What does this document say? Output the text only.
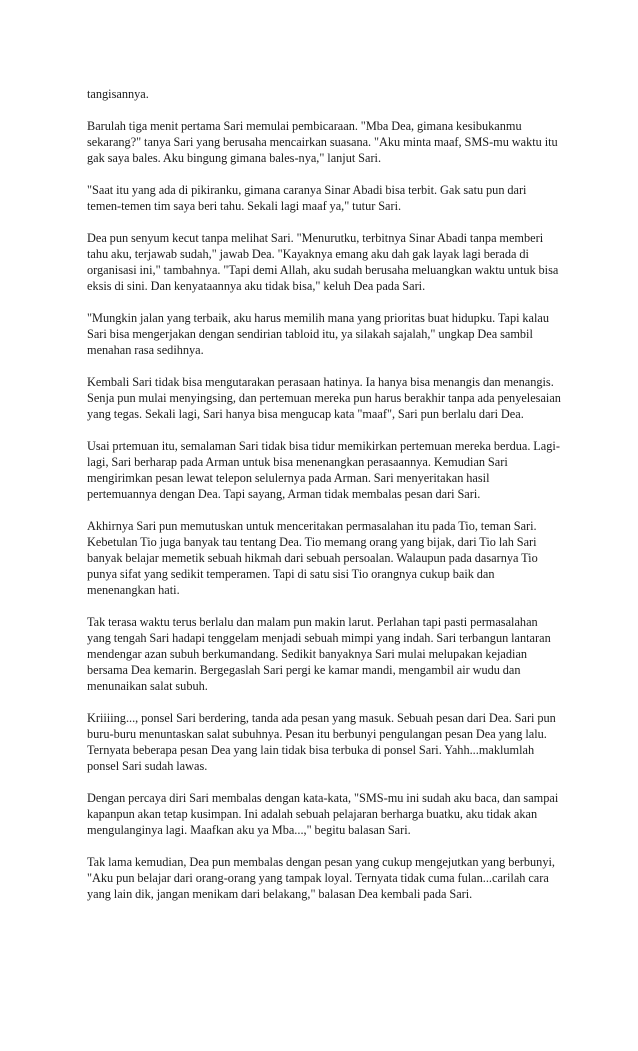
tangisannya.

Barulah tiga menit pertama Sari memulai pembicaraan. "Mba Dea, gimana kesibukanmu sekarang?" tanya Sari yang berusaha mencairkan suasana. "Aku minta maaf, SMS-mu waktu itu gak saya bales. Aku bingung gimana bales-nya," lanjut Sari.

"Saat itu yang ada di pikiranku, gimana caranya Sinar Abadi bisa terbit. Gak satu pun dari temen-temen tim saya beri tahu. Sekali lagi maaf ya," tutur Sari.

Dea pun senyum kecut tanpa melihat Sari. "Menurutku, terbitnya Sinar Abadi tanpa memberi tahu aku, terjawab sudah," jawab Dea. "Kayaknya emang aku dah gak layak lagi berada di organisasi ini," tambahnya. "Tapi demi Allah, aku sudah berusaha meluangkan waktu untuk bisa eksis di sini. Dan kenyataannya aku tidak bisa," keluh Dea pada Sari.

"Mungkin jalan yang terbaik, aku harus memilih mana yang prioritas buat hidupku. Tapi kalau Sari bisa mengerjakan dengan sendirian tabloid itu, ya silakah sajalah," ungkap Dea sambil menahan rasa sedihnya.

Kembali Sari tidak bisa mengutarakan perasaan hatinya. Ia hanya bisa menangis dan menangis. Senja pun mulai menyingsing, dan pertemuan mereka pun harus berakhir tanpa ada penyelesaian yang tegas. Sekali lagi, Sari hanya bisa mengucap kata "maaf", Sari pun berlalu dari Dea.

Usai prtemuan itu, semalaman Sari tidak bisa tidur memikirkan pertemuan mereka berdua. Lagi-lagi, Sari berharap pada Arman untuk bisa menenangkan perasaannya. Kemudian Sari mengirimkan pesan lewat telepon selulernya pada Arman. Sari menyeritakan hasil pertemuannya dengan Dea. Tapi sayang, Arman tidak membalas pesan dari Sari.

Akhirnya Sari pun memutuskan untuk menceritakan permasalahan itu pada Tio, teman Sari. Kebetulan Tio juga banyak tau tentang Dea. Tio memang orang yang bijak, dari Tio lah Sari banyak belajar memetik sebuah hikmah dari sebuah persoalan. Walaupun pada dasarnya Tio punya sifat yang sedikit temperamen. Tapi di satu sisi Tio orangnya cukup baik dan menenangkan hati.

Tak terasa waktu terus berlalu dan malam pun makin larut. Perlahan tapi pasti permasalahan yang tengah Sari hadapi tenggelam menjadi sebuah mimpi yang indah. Sari terbangun lantaran mendengar azan subuh berkumandang. Sedikit banyaknya Sari mulai melupakan kejadian bersama Dea kemarin. Bergegaslah Sari pergi ke kamar mandi, mengambil air wudu dan menunaikan salat subuh.

Kriiiing..., ponsel Sari berdering, tanda ada pesan yang masuk. Sebuah pesan dari Dea. Sari pun buru-buru menuntaskan salat subuhnya. Pesan itu berbunyi pengulangan pesan Dea yang lalu. Ternyata beberapa pesan Dea yang lain tidak bisa terbuka di ponsel Sari. Yahh...maklumlah ponsel Sari sudah lawas.

Dengan percaya diri Sari membalas dengan kata-kata, "SMS-mu ini sudah aku baca, dan sampai kapanpun akan tetap kusimpan. Ini adalah sebuah pelajaran berharga buatku, aku tidak akan mengulanginya lagi. Maafkan aku ya Mba...," begitu balasan Sari.

Tak lama kemudian, Dea pun membalas dengan pesan yang cukup mengejutkan yang berbunyi, "Aku pun belajar dari orang-orang yang tampak loyal. Ternyata tidak cuma fulan...carilah cara yang lain dik, jangan menikam dari belakang," balasan Dea kembali pada Sari.
